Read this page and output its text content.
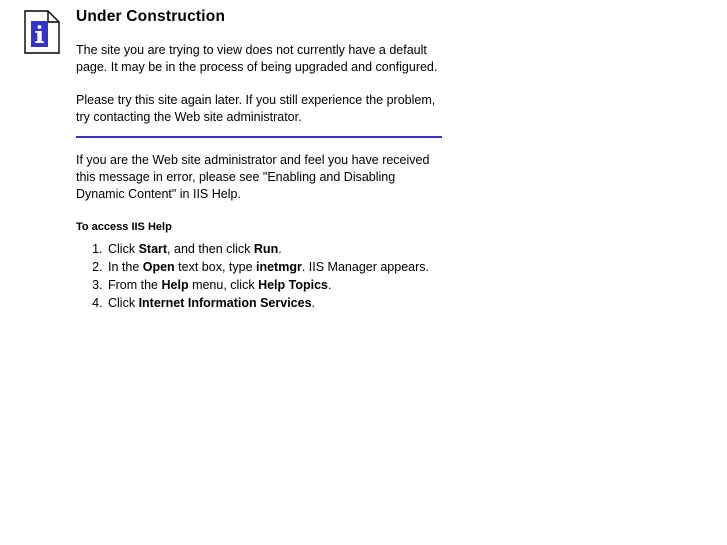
Under Construction

The site you are trying to view does not currently have a default page. It may be in the process of being upgraded and configured.

Please try this site again later. If you still experience the problem, try contacting the Web site administrator.

If you are the Web site administrator and feel you have received this message in error, please see "Enabling and Disabling Dynamic Content" in IIS Help.

To access IIS Help

1. Click Start, and then click Run.
2. In the Open text box, type inetmgr. IIS Manager appears.
3. From the Help menu, click Help Topics.
4. Click Internet Information Services.
